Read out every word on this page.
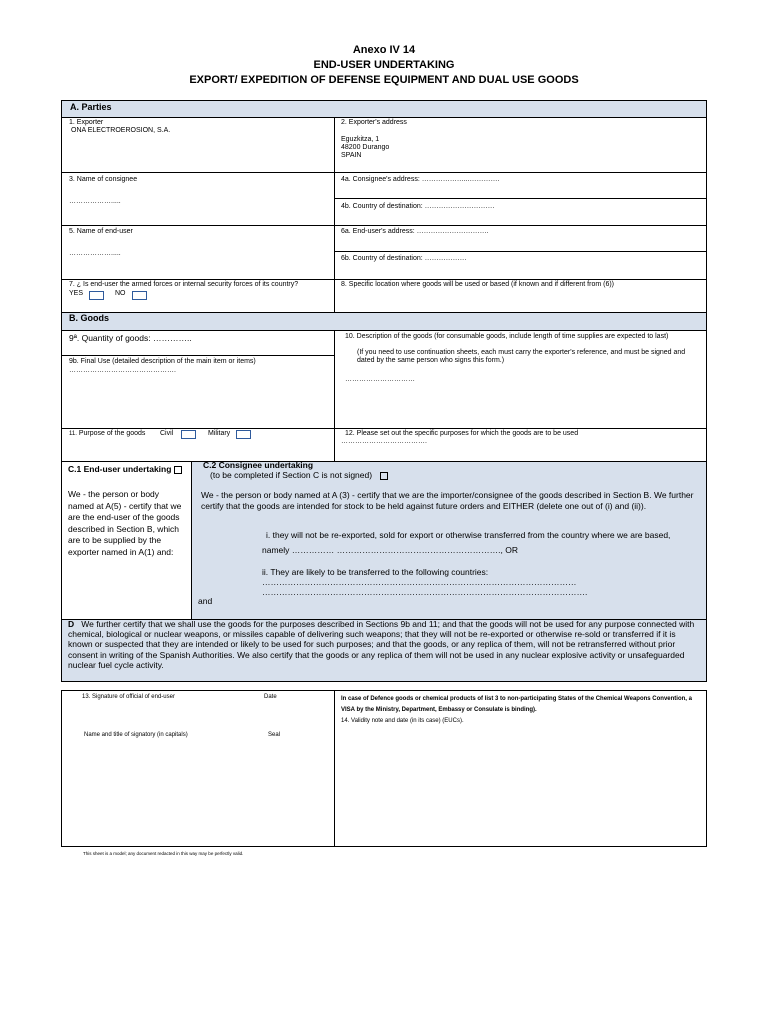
Anexo IV 14
END-USER UNDERTAKING
EXPORT/ EXPEDITION OF DEFENSE EQUIPMENT AND DUAL USE GOODS
A. Parties
1. Exporter
ONA ELECTROEROSION, S.A.
2. Exporter's address
Eguzkitza, 1
48200 Durango
SPAIN
3. Name of consignee
……………….....
4a. Consignee's address: ………………...………….
4b. Country of destination: …………………………
5. Name of end-user
……………….....
6a. End-user's address: ………………………….
6b. Country of destination: ………………
7. ¿ Is end-user the armed forces or internal security forces of its country?
YES	NO
8. Specific location where goods will be used or based (if known and if different from (6))
B. Goods
9ª. Quantity of goods: …………..
9b. Final Use (detailed description of the main item or items)
……………………………………….
10. Description of the goods (for consumable goods, include length of time supplies are expected to last)
(If you need to use continuation sheets, each must carry the exporter's reference, and must be signed and dated by the same person who signs this form.)
…………………………
11. Purpose of the goods Civil	Military	12. Please set out the specific purposes for which the goods are to be used
……………………………….
C.1 End-user undertaking
We - the person or body named at A(5) - certify that we are the end-user of the goods described in Section B, which are to be supplied by the exporter named in A(1) and:
C.2 Consignee undertaking
(to be completed if Section C is not signed)
We - the person or body named at A (3) - certify that we are the importer/consignee of the goods described in Section B. We further certify that the goods are intended for stock to be held against future orders and EITHER (delete one out of (i) and (ii)).
i. they will not be re-exported, sold for export or otherwise transferred from the country where we are based,
namely …………… …………………………………………………., OR
ii. They are likely to be transferred to the following countries:
…………………………………………………………………………………………………
…………………………………………………………………………………………………….
and
D We further certify that we shall use the goods for the purposes described in Sections 9b and 11; and that the goods will not be used for any purpose connected with chemical, biological or nuclear weapons, or missiles capable of delivering such weapons; that they will not be re-exported or otherwise re-sold or transferred if it is known or suspected that they are intended or likely to be used for such purposes; and that the goods, or any replica of them, will not be retransferred without prior consent in writing of the Spanish Authorities. We also certify that the goods or any replica of them will not be used in any nuclear explosive activity or unsafeguarded nuclear fuel cycle activity.
13. Signature of official of end-user	Date
Name and title of signatory (in capitals)	Seal
In case of Defence goods or chemical products of list 3 to non-participating States of the Chemical Weapons Convention, a VISA by the Ministry, Department, Embassy or Consulate is binding).
14. Validity note and date (in its case) (EUCs).
This sheet is a model; any document redacted in this way may be perfectly valid.
